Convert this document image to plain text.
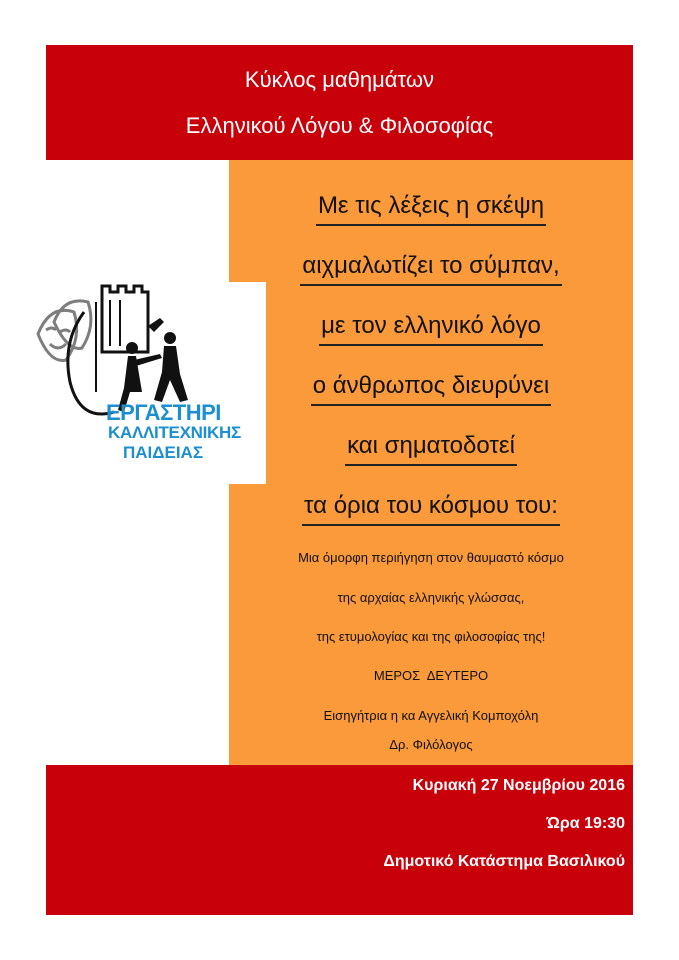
Κύκλος μαθημάτων
Ελληνικού Λόγου & Φιλοσοφίας
ΕΡΓΑΣΤΗΡΙ
ΚΑΛΛΙΤΕΧΝΙΚΗΣ
ΠΑΙΔΕΙΑΣ
Με τις λέξεις η σκέψη
αιχμαλωτίζει το σύμπαν,
με τον ελληνικό λόγο
ο άνθρωπος διευρύνει
και σηματοδοτεί
τα όρια του κόσμου του:
Μια όμορφη περιήγηση στον θαυμαστό κόσμο
της αρχαίας ελληνικής γλώσσας,
της ετυμολογίας και της φιλοσοφίας της!
ΜΕΡΟΣ  ΔΕΥΤΕΡΟ
Εισηγήτρια η κα Αγγελική Κομποχόλη
Δρ. Φιλόλογος
Κυριακή 27 Νοεμβρίου 2016
Ώρα 19:30
Δημοτικό Κατάστημα Βασιλικού
